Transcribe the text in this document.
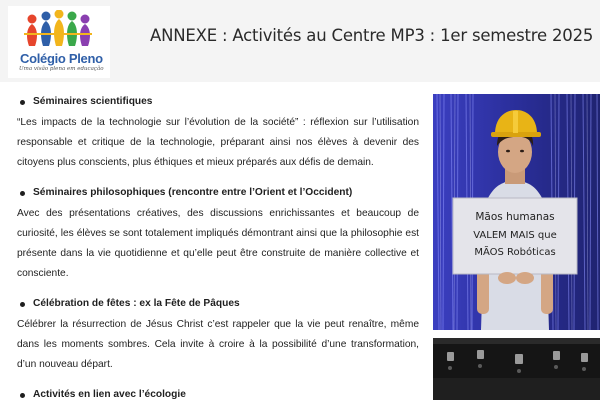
Colégio Pleno
Uma visão plena em educação
ANNEXE : Activités au Centre MP3 : 1er semestre 2025
Séminaires scientifiques
“Les impacts de la technologie sur l’évolution de la société” : réflexion sur l’utilisation responsable et critique de la technologie, préparant ainsi nos élèves à devenir des citoyens plus conscients, plus éthiques et mieux préparés aux défis de demain.
Séminaires philosophiques (rencontre entre l’Orient et l’Occident)
Avec des présentations créatives, des discussions enrichissantes et beaucoup de curiosité, les élèves se sont totalement impliqués démontrant ainsi que la philosophie est présente dans la vie quotidienne et qu’elle peut être construite de manière collective et consciente.
Célébration de fêtes : ex la Fête de Pâques
Célébrer la résurrection de Jésus Christ c’est rappeler que la vie peut renaître, même dans les moments sombres. Cela invite à croire à la possibilité d’une transformation, d’un nouveau départ.
Activités en lien avec l’écologie
Mãos humanas
VALEM MAIS que
MÃOS Robóticas
